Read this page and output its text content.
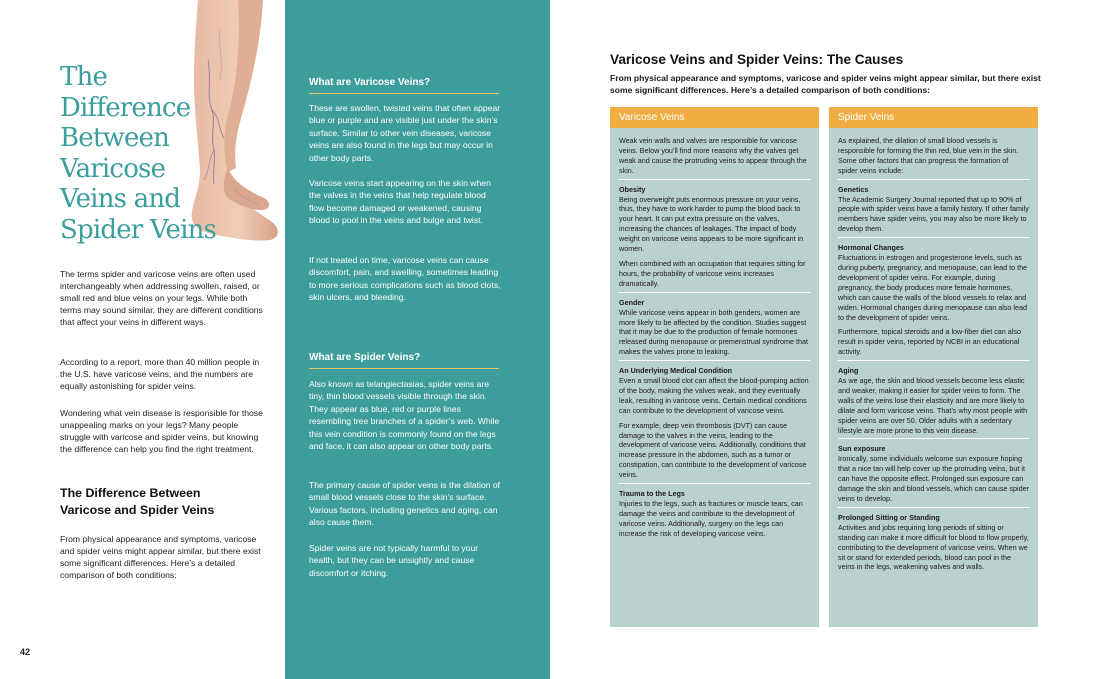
The
Difference
Between
Varicose
Veins and
Spider Veins

The terms spider and varicose veins are often used interchangeably when addressing swollen, raised, or small red and blue veins on your legs. While both terms may sound similar, they are different conditions that affect your veins in different ways.

According to a report, more than 40 million people in the U.S. have varicose veins, and the numbers are equally astonishing for spider veins.

Wondering what vein disease is responsible for those unappealing marks on your legs? Many people struggle with varicose and spider veins, but knowing the difference can help you find the right treatment.

The Difference Between
Varicose and Spider Veins

From physical appearance and symptoms, varicose and spider veins might appear similar, but there exist some significant differences. Here’s a detailed comparison of both conditions:

42
What are Varicose Veins?

These are swollen, twisted veins that often appear blue or purple and are visible just under the skin’s surface. Similar to other vein diseases, varicose veins are also found in the legs but may occur in other body parts.

Varicose veins start appearing on the skin when the valves in the veins that help regulate blood flow become damaged or weakened, causing blood to pool in the veins and bulge and twist.

If not treated on time, varicose veins can cause discomfort, pain, and swelling, sometimes leading to more serious complications such as blood clots, skin ulcers, and bleeding.

What are Spider Veins?

Also known as telangiectasias, spider veins are tiny, thin blood vessels visible through the skin. They appear as blue, red or purple lines resembling tree branches of a spider’s web. While this vein condition is commonly found on the legs and face, it can also appear on other body parts.

The primary cause of spider veins is the dilation of small blood vessels close to the skin’s surface. Various factors, including genetics and aging, can also cause them.

Spider veins are not typically harmful to your health, but they can be unsightly and cause discomfort or itching.

Varicose Veins and Spider Veins: The Causes

From physical appearance and symptoms, varicose and spider veins might appear similar, but there exist some significant differences. Here’s a detailed comparison of both conditions:

Varicose Veins

Weak vein walls and valves are responsible for varicose veins. Below you’ll find more reasons why the valves get weak and cause the protruding veins to appear through the skin.

Obesity

Being overweight puts enormous pressure on your veins, thus, they have to work harder to pump the blood back to your heart. It can put extra pressure on the valves, increasing the chances of leakages. The impact of body weight on varicose veins appears to be more significant in women.

When combined with an occupation that requires sitting for hours, the probability of varicose veins increases dramatically.

Gender

While varicose veins appear in both genders, women are more likely to be affected by the condition. Studies suggest that it may be due to the production of female hormones released during menopause or premenstrual syndrome that makes the valves prone to leaking.

An Underlying Medical Condition

Even a small blood clot can affect the blood-pumping action of the body, making the valves weak, and they eventually leak, resulting in varicose veins. Certain medical conditions can contribute to the development of varicose veins.

For example, deep vein thrombosis (DVT) can cause damage to the valves in the veins, leading to the development of varicose veins. Additionally, conditions that increase pressure in the abdomen, such as a tumor or constipation, can contribute to the development of varicose veins.

Trauma to the Legs

Injuries to the legs, such as fractures or muscle tears, can damage the veins and contribute to the development of varicose veins. Additionally, surgery on the legs can increase the risk of developing varicose veins.

Spider Veins

As explained, the dilation of small blood vessels is responsible for forming the thin red, blue vein in the skin. Some other factors that can progress the formation of spider veins include:

Genetics

The Academic Surgery Journal reported that up to 90% of people with spider veins have a family history. If other family members have spider veins, you may also be more likely to develop them.

Hormonal Changes

Fluctuations in estrogen and progesterone levels, such as during puberty, pregnancy, and menopause, can lead to the development of spider veins. For example, during pregnancy, the body produces more female hormones, which can cause the walls of the blood vessels to relax and widen. Hormonal changes during menopause can also lead to the development of spider veins.

Furthermore, topical steroids and a low-fiber diet can also result in spider veins, reported by NCBI in an educational activity.

Aging

As we age, the skin and blood vessels become less elastic and weaker, making it easier for spider veins to form. The walls of the veins lose their elasticity and are more likely to dilate and form varicose veins. That’s why most people with spider veins are over 50. Older adults with a sedentary lifestyle are more prone to this vein disease.

Sun exposure

Ironically, some individuals welcome sun exposure hoping that a nice tan will help cover up the protruding veins, but it can have the opposite effect. Prolonged sun exposure can damage the skin and blood vessels, which can cause spider veins to develop.

Prolonged Sitting or Standing

Activities and jobs requiring long periods of sitting or standing can make it more difficult for blood to flow properly, contributing to the development of varicose veins. When we sit or stand for extended periods, blood can pool in the veins in the legs, weakening valves and walls.
